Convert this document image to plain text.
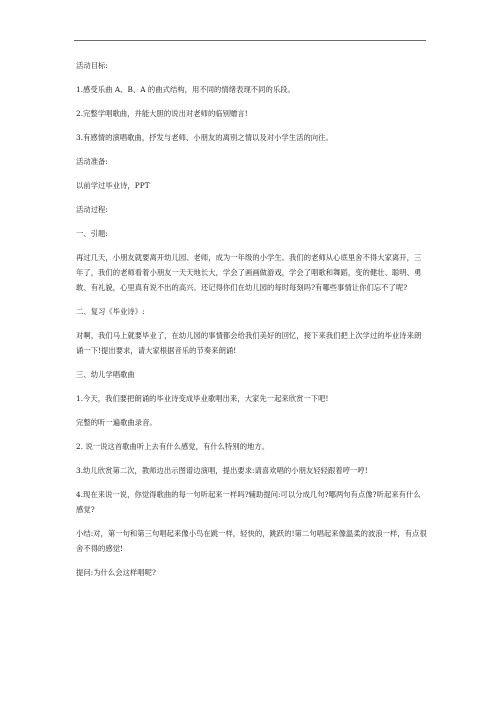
活动目标:

1.感受乐曲 A、B、A 的曲式结构，用不同的情绪表现不同的乐段。

2.完整学唱歌曲，并能大胆的说出对老师的临别赠言!

3.有感情的演唱歌曲，抒发与老师、小朋友的离别之情以及对小学生活的向往。

活动准备:

以前学过毕业诗，PPT

活动过程:

一、引题:

再过几天，小朋友就要离开幼儿园、老师，成为一年级的小学生。我们的老师从心底里舍不得大家离开，三年了，我们的老师看着小朋友一天天地长大，学会了画画做游戏，学会了唱歌和舞蹈，变的健壮、聪明、勇敢、有礼貌，心里真有说不出的高兴。还记得你们在幼儿园的每时每刻吗?有哪些事情让你们忘不了呢?

二、复习《毕业诗》:

对啊，我们马上就要毕业了，在幼儿园的事情都会给我们美好的回忆，接下来我们把上次学过的毕业诗来朗诵一下!提出要求，请大家根据音乐的节奏来朗诵!

三、幼儿学唱歌曲

1.今天，我们要把朗诵的毕业诗变成毕业歌唱出来，大家先一起来欣赏一下吧!

完整的听一遍歌曲录音。

2. 说一说这首歌曲听上去有什么感觉，有什么特别的地方。

3.幼儿欣赏第二次，教师边出示图谱边演唱，提出要求:请喜欢唱的小朋友轻轻跟着哼一哼!

4.现在来说一说，你觉得歌曲的每一句听起来一样吗?辅助提问:可以分成几句?哪两句有点像?听起来有什么感觉?

小结:对，第一句和第三句唱起来像小鸟在跳一样，轻快的，跳跃的!第二句唱起来像温柔的波浪一样，有点很舍不得的感觉!

提问:为什么会这样唱呢?
